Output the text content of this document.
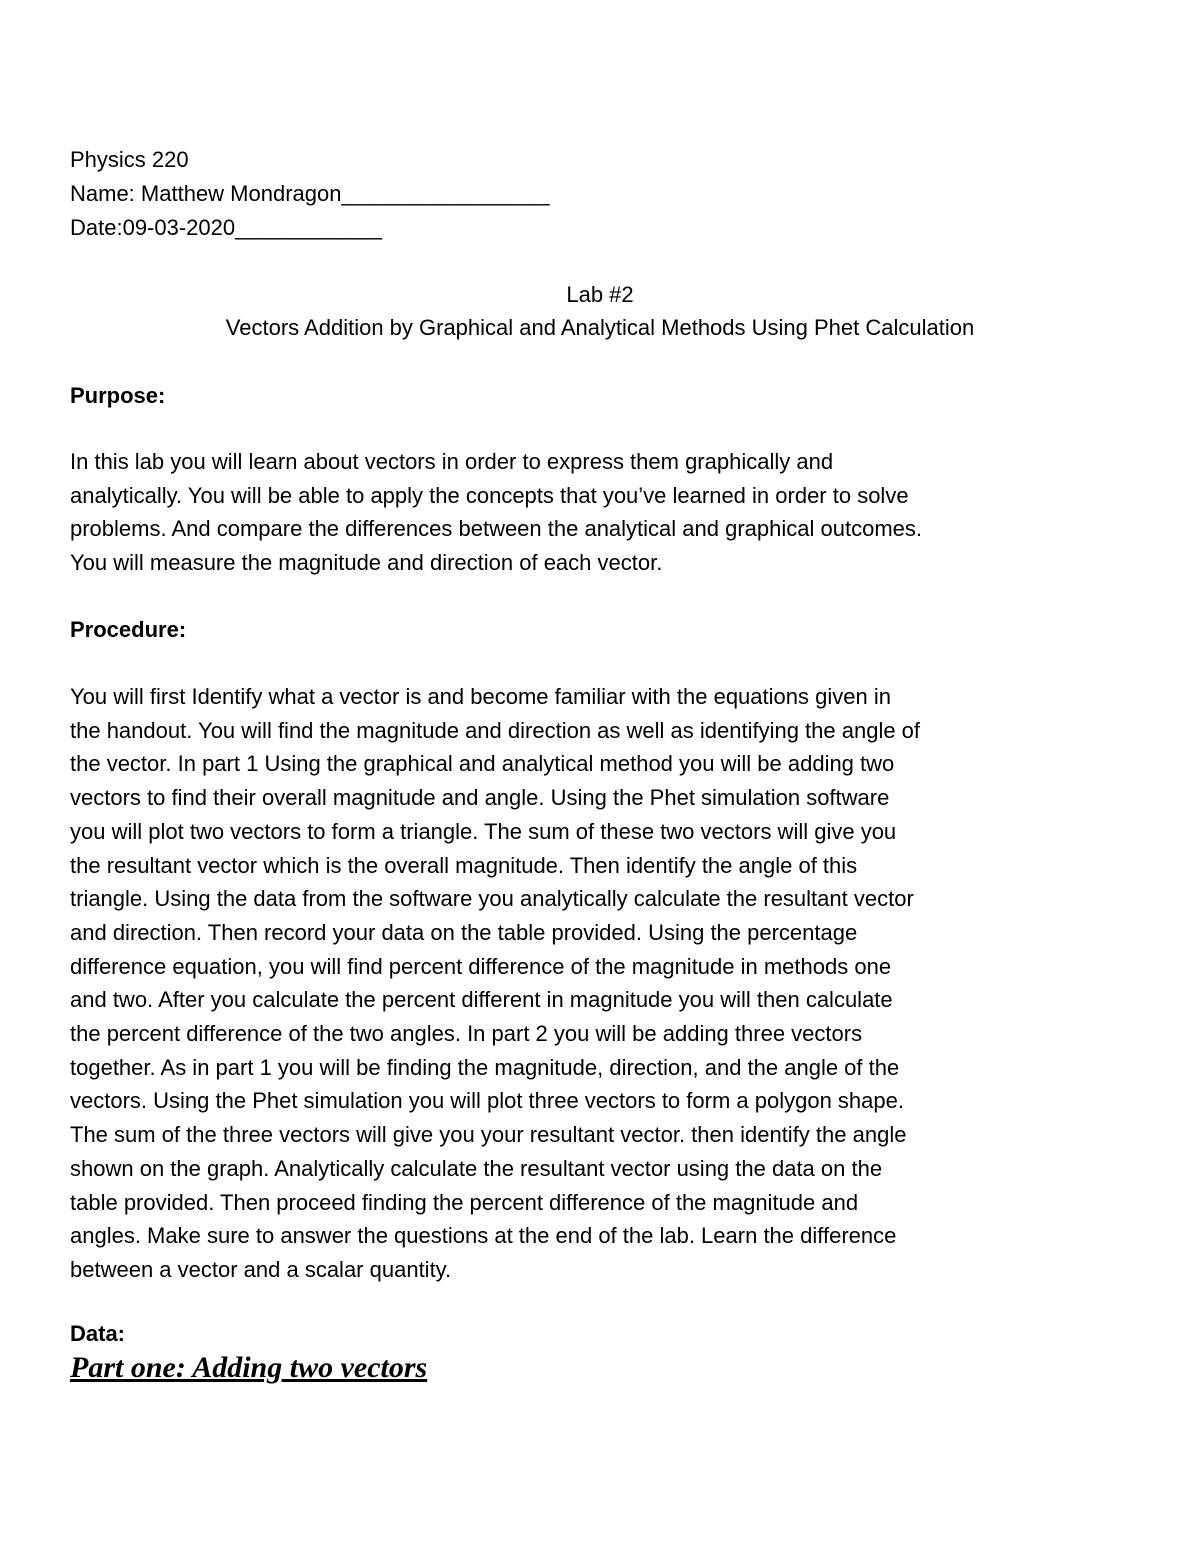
Physics 220
Name: Matthew Mondragon_________________
Date:09-03-2020____________
Lab #2
Vectors Addition by Graphical and Analytical Methods Using Phet Calculation
Purpose:
In this lab you will learn about vectors in order to express them graphically and
analytically. You will be able to apply the concepts that you’ve learned in order to solve
problems. And compare the differences between the analytical and graphical outcomes.
You will measure the magnitude and direction of each vector.
Procedure:
You will first Identify what a vector is and become familiar with the equations given in
the handout. You will find the magnitude and direction as well as identifying the angle of
the vector. In part 1 Using the graphical and analytical method you will be adding two
vectors to find their overall magnitude and angle. Using the Phet simulation software
you will plot two vectors to form a triangle. The sum of these two vectors will give you
the resultant vector which is the overall magnitude. Then identify the angle of this
triangle. Using the data from the software you analytically calculate the resultant vector
and direction. Then record your data on the table provided. Using the percentage
difference equation, you will find percent difference of the magnitude in methods one
and two. After you calculate the percent different in magnitude you will then calculate
the percent difference of the two angles. In part 2 you will be adding three vectors
together. As in part 1 you will be finding the magnitude, direction, and the angle of the
vectors. Using the Phet simulation you will plot three vectors to form a polygon shape.
The sum of the three vectors will give you your resultant vector. then identify the angle
shown on the graph. Analytically calculate the resultant vector using the data on the
table provided. Then proceed finding the percent difference of the magnitude and
angles. Make sure to answer the questions at the end of the lab. Learn the difference
between a vector and a scalar quantity.
Data:
Part one: Adding two vectors
